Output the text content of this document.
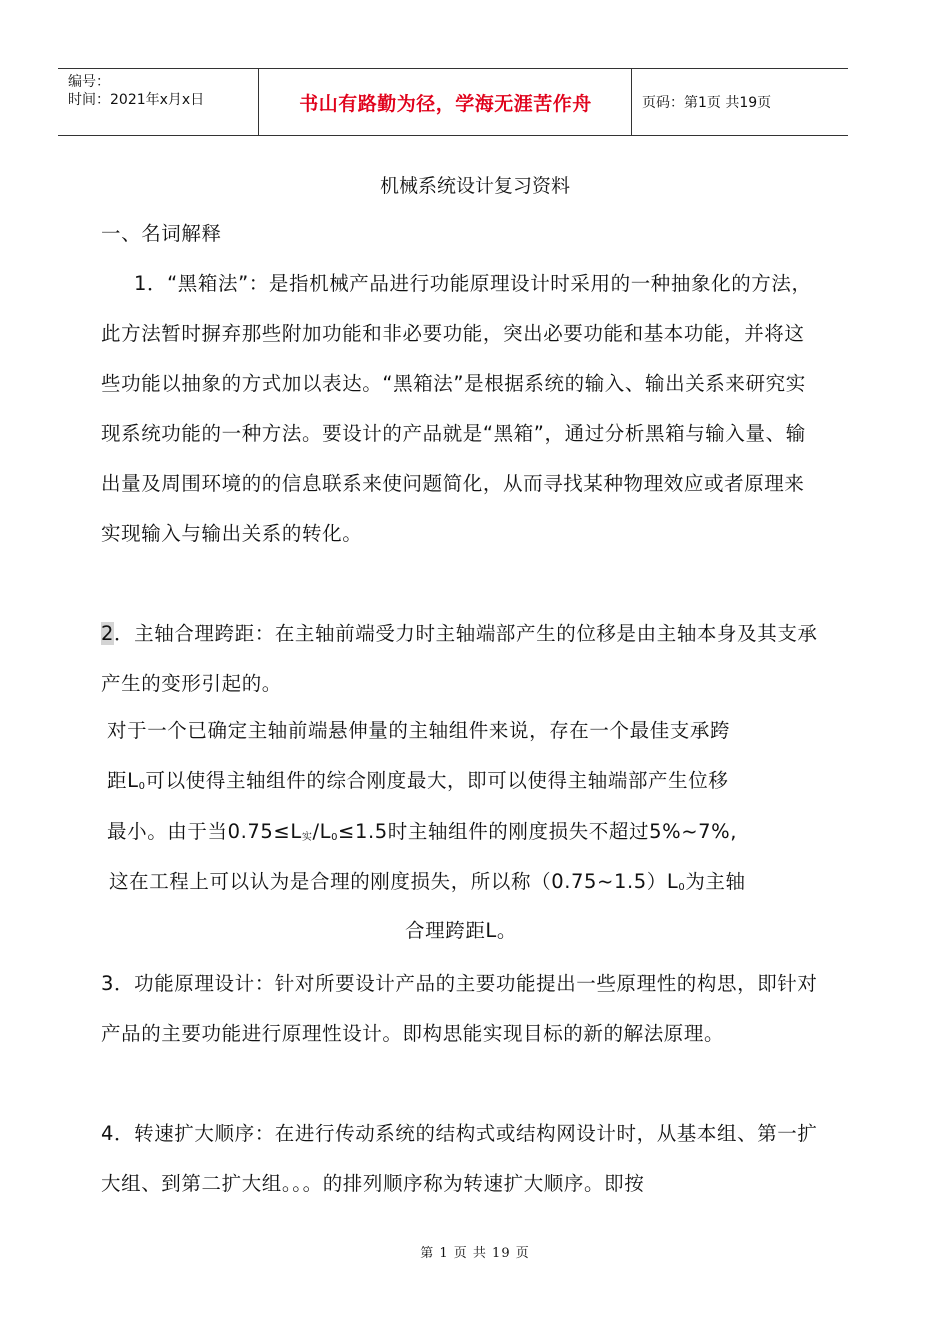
编号：
时间：2021年x月x日	书山有路勤为径，学海无涯苦作舟	页码：第1页 共19页
机械系统设计复习资料
一、名词解释
1．“黑箱法”：是指机械产品进行功能原理设计时采用的一种抽象化的方法，此方法暂时摒弃那些附加功能和非必要功能，突出必要功能和基本功能，并将这些功能以抽象的方式加以表达。“黑箱法”是根据系统的输入、输出关系来研究实现系统功能的一种方法。要设计的产品就是“黑箱”，通过分析黑箱与输入量、输出量及周围环境的的信息联系来使问题简化，从而寻找某种物理效应或者原理来实现输入与输出关系的转化。
2．主轴合理跨距：在主轴前端受力时主轴端部产生的位移是由主轴本身及其支承产生的变形引起的。
对于一个已确定主轴前端悬伸量的主轴组件来说，存在一个最佳支承跨
距$L_0$可以使得主轴组件的综合刚度最大，即可以使得主轴端部产生位移
最小。由于当$0.75\le L_实/L_0\le 1.5$时主轴组件的刚度损失不超过5%~7%,
这在工程上可以认为是合理的刚度损失，所以称$(0.75\sim 1.5)L_0$为主轴
合理跨距L。
3．功能原理设计：针对所要设计产品的主要功能提出一些原理性的构思，即针对产品的主要功能进行原理性设计。即构思能实现目标的新的解法原理。
4．转速扩大顺序：在进行传动系统的结构式或结构网设计时，从基本组、第一扩大组、到第二扩大组。。。的排列顺序称为转速扩大顺序。即按
第 1 页 共 19 页
